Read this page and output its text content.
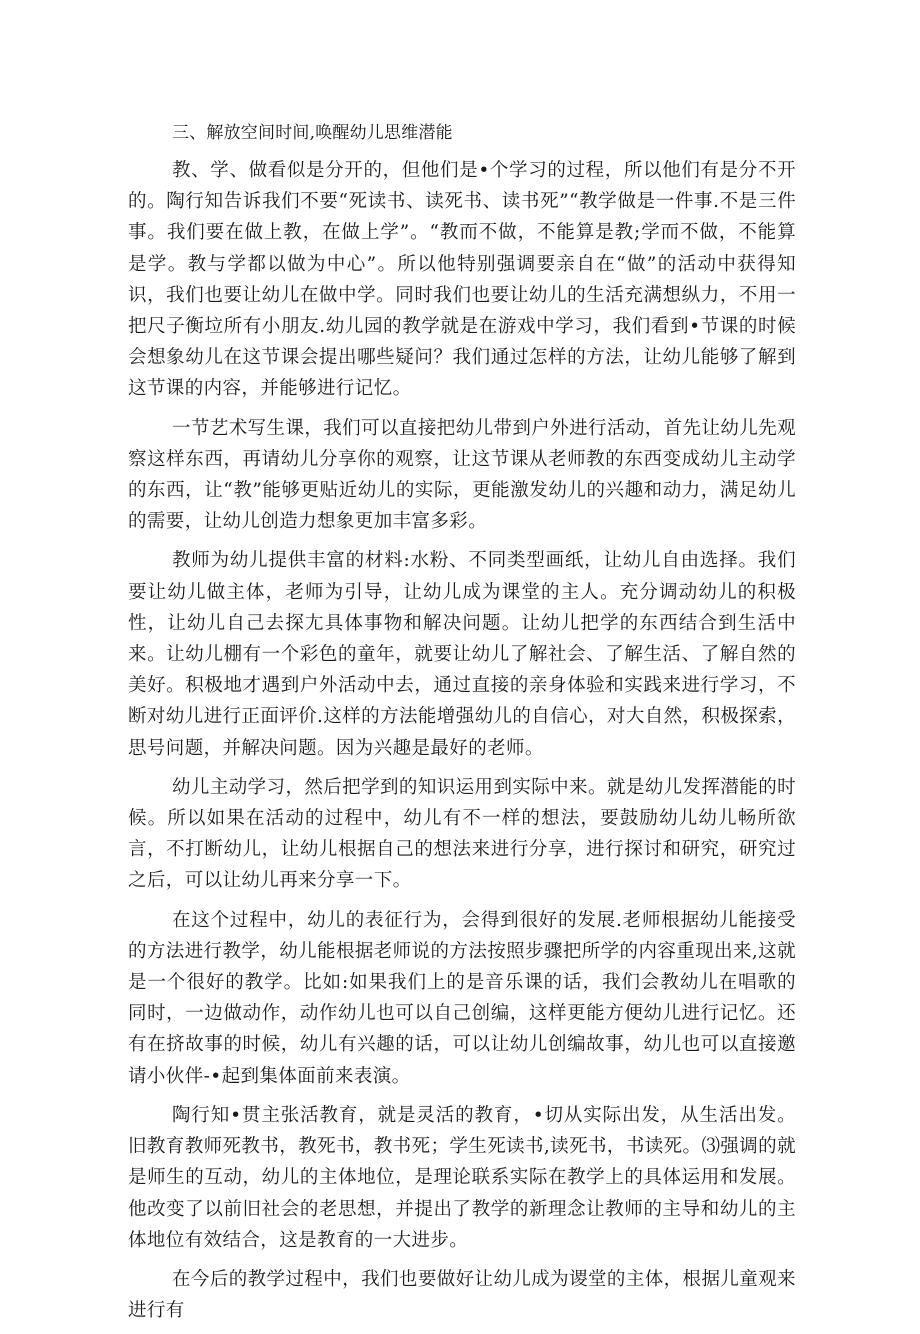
三、解放空间时间,唤醒幼儿思维潜能

教、学、做看似是分开的，但他们是•个学习的过程，所以他们有是分不开的。陶行知告诉我们不要“死读书、读死书、读书死”“教学做是一件事.不是三件事。我们要在做上教，在做上学”。“教而不做，不能算是教;学而不做，不能算是学。教与学都以做为中心”。所以他特别强调要亲自在“做”的活动中获得知识，我们也要让幼儿在做中学。同时我们也要让幼儿的生活充满想纵力，不用一把尺子衡垃所有小朋友.幼儿园的教学就是在游戏中学习，我们看到•节课的时候会想象幼儿在这节课会提出哪些疑问？我们通过怎样的方法，让幼儿能够了解到这节课的内容，并能够进行记忆。

一节艺术写生课，我们可以直接把幼儿带到户外进行活动，首先让幼儿先观察这样东西，再请幼儿分享你的观察，让这节课从老师教的东西变成幼儿主动学的东西，让“教”能够更贴近幼儿的实际，更能激发幼儿的兴趣和动力，满足幼儿的需要，让幼儿创造力想象更加丰富多彩。

教师为幼儿提供丰富的材料:水粉、不同类型画纸，让幼儿自由选择。我们要让幼儿做主体，老师为引导，让幼儿成为课堂的主人。充分调动幼儿的积极性，让幼儿自己去探尢具体事物和解决问题。让幼儿把学的东西结合到生活中来。让幼儿棚有一个彩色的童年，就要让幼儿了解社会、了解生活、了解自然的美好。积极地才遇到户外活动中去，通过直接的亲身体验和实践来进行学习，不断对幼儿进行正面评价.这样的方法能增强幼儿的自信心，对大自然，积极探索，思号问题，并解决问题。因为兴趣是最好的老师。

幼儿主动学习，然后把学到的知识运用到实际中来。就是幼儿发挥潜能的时候。所以如果在活动的过程中，幼儿有不一样的想法，要鼓励幼儿幼儿畅所欲言，不打断幼儿，让幼儿根据自己的想法来进行分享，进行探讨和研究，研究过之后，可以让幼儿再来分享一下。

在这个过程中，幼儿的表征行为，会得到很好的发展.老师根据幼儿能接受的方法进行教学，幼儿能根据老师说的方法按照步骤把所学的内容重现出来,这就是一个很好的教学。比如:如果我们上的是音乐课的话，我们会教幼儿在唱歌的同时，一边做动作，动作幼儿也可以自己创编，这样更能方便幼儿进行记忆。还有在挤故事的时候，幼儿有兴趣的话，可以让幼儿创编故事，幼儿也可以直接邀请小伙伴-•起到集体面前来表演。

陶行知•贯主张活教育，就是灵活的教育，•切从实际出发，从生活出发。旧教育教师死教书，教死书，教书死；学生死读书,读死书，书读死。⑶强调的就是师生的互动，幼儿的主体地位，是理论联系实际在教学上的具体运用和发展。他改变了以前旧社会的老思想，并提出了教学的新理念让教师的主导和幼儿的主体地位有效结合，这是教育的一大进步。

在今后的教学过程中，我们也要做好让幼儿成为谡堂的主体，根据儿童观来进行有
